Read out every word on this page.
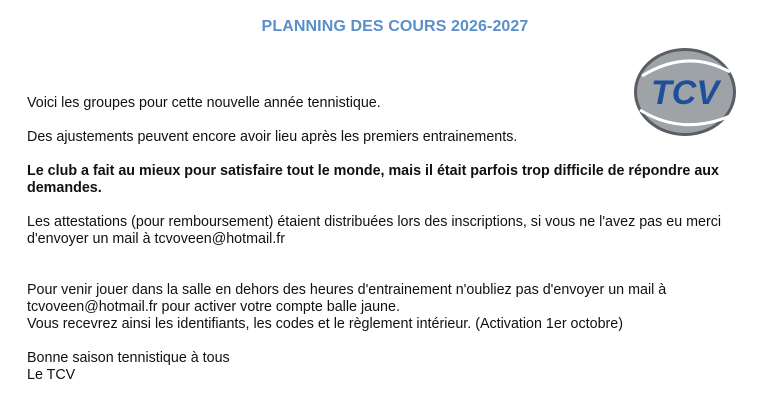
PLANNING DES COURS 2026-2027
TCV

Voici les groupes pour cette nouvelle année tennistique.

Des ajustements peuvent encore avoir lieu après les premiers entrainements.

Le club a fait au mieux pour satisfaire tout le monde, mais il était parfois trop difficile de répondre aux demandes.

Les attestations (pour remboursement) étaient distribuées lors des inscriptions, si vous ne l'avez pas eu merci d'envoyer un mail à tcvoveen@hotmail.fr

Pour venir jouer dans la salle en dehors des heures d'entrainement n'oubliez pas d'envoyer un mail à tcvoveen@hotmail.fr pour activer votre compte balle jaune.

Vous recevrez ainsi les identifiants, les codes et le règlement intérieur. (Activation 1er octobre)

Bonne saison tennistique à tous

Le TCV
